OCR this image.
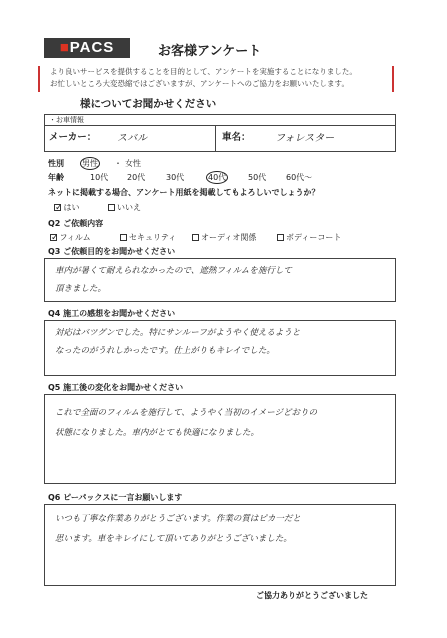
■PACS	お客様アンケート
より良いサービスを提供することを目的として、アンケートを実施することになりました。
お忙しいところ大変恐縮ではございますが、アンケートへのご協力をお願いいたします。
様についてお聞かせください
・お車情報
メーカー： スバル	車名： フォレスター
性別 男性 ・ 女性
年齢	10代 20代	30代	40代	50代 60代～
ネットに掲載する場合、アンケート用紙を掲載してもよろしいでしょうか？
✓はい	いいえ
Q2 ご依頼内容
✓フィルム	セキュリティ	オーディオ関係	ボディーコート
Q3 ご依頼目的をお聞かせください
車内が暑くて耐えられなかったので、遮熱フィルムを施行して
頂きました。
Q4 施工の感想をお聞かせください
対応はバツグンでした。特にサンルーフがようやく使えるようと
なったのがうれしかったです。仕上がりもキレイでした。
Q5 施工後の変化をお聞かせください
これで全面のフィルムを施行して、ようやく当初のイメージどおりの
状態になりました。車内がとても快適になりました。
Q6 ピーパックスに一言お願いします
いつも丁寧な作業ありがとうございます。作業の質はピカ一だと
思います。車をキレイにして頂いてありがとうございました。
ご協力ありがとうございました
